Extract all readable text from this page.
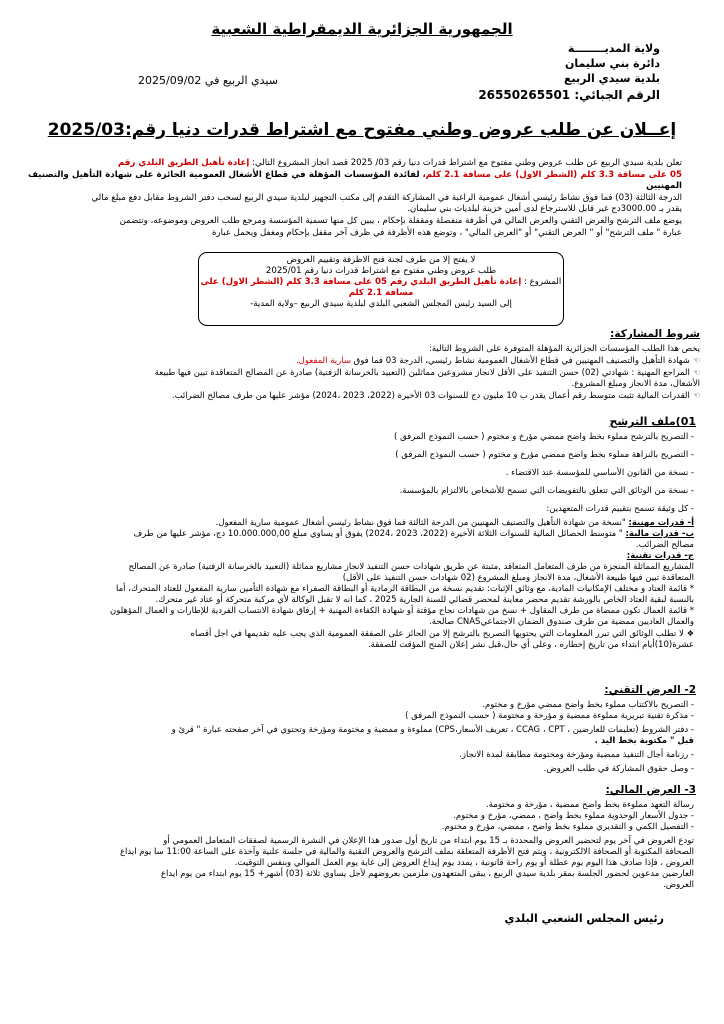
الجمهورية الجزائرية الديمقراطية الشعبية
ولاية المديــــــــة
دائرة بني سليمان
بلدية سيدي الربيع
الرقم الجبائي: 26550265501
سيدي الربيع في 2025/09/02
إعــلان عن طلب عروض وطني مفتوح مع اشتراط قدرات دنيا رقم:2025/03
تعلن بلدية سيدي الربيع عن طلب عروض وطني مفتوح مع اشتراط قدرات دنيا رقم 03/ 2025 قصد انجاز المشروع التالي: إعادة تأهيل الطريق البلدي رقم
05 على مسافة 3.3 كلم (الشطر الاول) على مسافة 2.1 كلم، لفائدة المؤسسات المؤهلة في قطاع الأشغال العمومية الحائزة على شهادة التأهيل والتصنيف المهنيين
الدرجة الثالثة (03) فما فوق نشاط رئيسي أشغال عمومية الراغبة في المشاركة التقدم إلى مكتب التجهيز لبلدية سيدي الربيع لسحب دفتر الشروط مقابل دفع مبلغ مالي
يقدر بـ 3000.00دج غير قابل للاسترجاع لدى أمين خزينة لبلديات بني سليمان.
يوضع ملف الترشح والعرض التقني والعرض المالي في أظرفة منفصلة ومقفلة بإحكام ، يبين كل منها تسمية المؤسسة ومرجع طلب العروض وموضوعه، وتتضمن
عبارة " ملف الترشح" أو " العرض التقني" أو "العرض المالي" ، وتوضع هذه الأظرفة في ظرف آخر مقفل بإحكام ومغفل ويحمل عبارة
لا يفتح إلا من طرف لجنة فتح الاظرفة وتقييم العروض
طلب عروض وطني مفتوح مع اشتراط قدرات دنيا رقم 2025/01
المشروع : إعادة تأهيل الطريق البلدي رقم 05 على مسافة 3.3 كلم (الشطر الاول) على مسافة 2.1 كلم
إلى السيد رئيس المجلس الشعبي البلدي لبلدية سيدي الربيع –ولاية المدية-
شروط المشاركة:
يخص هذا الطلب المؤسسات الجزائرية المؤهلة المتوفرة على الشروط التالية:
☜شهادة التأهيل والتصنيف المهنيين في قطاع الأشغال العمومية نشاط رئيسي، الدرجة 03 فما فوق سارية المفعول.
☜المراجع المهنية : شهادتي (02) حسن التنفيذ على الأقل لانجاز مشروعين مماثلين (التعبيد بالخرسانة الزفتية) صادرة عن المصالح المتعاقدة تبين فيها طبيعة
الأشغال، مدة الانجاز ومبلغ المشروع.
☜القدرات المالية تثبت متوسط رقم أعمال يقدر ب 10 مليون دج للسنوات 03 الأخيرة (2022، 2023 ،2024) مؤشر عليها من طرف مصالح الضرائب.
01)ملف الترشح
- التصريح بالترشح مملوء بخط واضح ممضي مؤرخ و مختوم ( حسب النموذج المرفق )
- التصريح بالنزاهة مملوء بخط واضح ممضي مؤرخ و مختوم ( حسب النموذج المرفق )
- نسخة من القانون الأساسي للمؤسسة عند الاقتضاء .
- نسخة من الوثائق التي تتعلق بالتفويضات التي تسمح للأشخاص بالالتزام بالمؤسسة.
- كل وثيقة تسمح بتقييم قدرات المتعهدين:
أ- قدرات مهنية: "نسخة من شهادة التأهيل والتصنيف المهنيين من الدرجة الثالثة فما فوق نشاط رئيسي أشغال عمومية سارية المفعول.
ب- قدرات مالية: " متوسط الحصائل المالية للسنوات الثلاثة الأخيرة (2022، 2023 ،2024) يفوق أو يساوي مبلغ 10.000.000,00 دج، مؤشر عليها من طرف
مصالح الضرائب.
ج- قدرات تقنية:
المشاريع المماثلة المنجزة من طرف المتعامل المتعاقد ,مثبتة عن طريق شهادات حسن التنفيذ لانجاز مشاريع مماثلة (التعبيد بالخرسانة الزفتية) صادرة عن المصالح
المتعاقدة تبين فيها طبيعة الأشغال، مدة الانجاز ومبلغ المشروع (02 شهادات حسن التنفيذ على الأقل)
* قائمة العتاد و مختلف الإمكانيات المادية، مع وثائق الإثبات: تقديم نسخة من البطاقة الرمادية أو البطاقة الصفراء مع شهادة التأمين سارية المفعول للعتاد المتحرك، أما
بالنسبة لبقية العتاد الخاص بالورشة تقديم محضر معاينة لمحضر قضائي للسنة الجارية 2025 ، كما انه لا تقبل الوكالة لأي مركبة متحركة أو عتاد غير متحرك.
* قائمة العمال تكون ممضاة من طرف المقاول + نسخ من شهادات نجاح مؤقتة أو شهادة الكفاءة المهنية + إرفاق شهادة الانتساب الفردية للإطارات و العمال المؤهلون
والعمال العاديين ممضية من طرف صندوق الضمان الاجتماعيCNAS صالحة.
❖لا تطلب الوثائق التي تبرر المعلومات التي يحتويها التصريح بالترشح إلا من الحائز على الصفقة العمومية الذي يجب عليه تقديمها في اجل أقصاه
عشرة(10)أيام ابتداء من تاريخ إخطاره ، وعلى أي حال،قبل نشر إعلان المنح المؤقت للصفقة.
2- العرض التقني:
- التصريح بالاكتتاب مملوء بخط واضح ممضي مؤرخ و مختوم.
- مذكرة تقنية تبريرية مملوءة ممضية و مؤرخة و مختومة ( حسب النموذج المرفق )
- دفتر الشروط (تعليمات للعارضين ، CCAG ، CPT ، تعريف الأسعار،CPS) مملوءة و ممضية و مختومة ومؤرخة وتحتوي في آخر صفحته عبارة " قرئ و
قبل " مكتوبة بخط اليد .
- رزنامة أجال التنفيذ ممضية ومؤرخة ومختومة مطابقة لمدة الانجاز.
- وصل حقوق المشاركة في طلب العروض.
3- العرض المالي:
رسالة التعهد مملوءة بخط واضح ممضية ، مؤرخة و مختومة.
- جدول الأسعار الوحدوية مملوء بخط واضح ، ممضي، مؤرخ و مختوم.
- التفصيل الكمي و التقديري مملوء بخط واضح ، ممضي، مؤرخ و مختوم.
تودع العروض في آخر يوم لتحضير العروض والمحددة بـ 15 يوم ابتداء من تاريخ أول صدور هذا الإعلان في النشرة الرسمية لصفقات المتعامل العمومي أو
الصحافة المكتوبة أو الصحافة الالكترونية ، ويتم فتح الأظرفة المتعلقة بملف الترشح والعروض التقنية والمالية في جلسة علنية وآخذة على الساعة 11:00 سا يوم ايداع
العروض ، فإذا صادف هذا اليوم يوم عطلة أو يوم راحة قانونية ، يمدد يوم إيداع العروض إلى غاية يوم العمل الموالي وبنفس التوقيت.
العارضين مدعوين لحضور الجلسة بمقر بلدية سيدي الربيع ، يبقى المتعهدون ملزمين بعروضهم لأجل يساوي ثلاثة (03) أشهر+ 15 يوم ابتداء من يوم ايداع
العروض.
رئيس المجلس الشعبي البلدي
